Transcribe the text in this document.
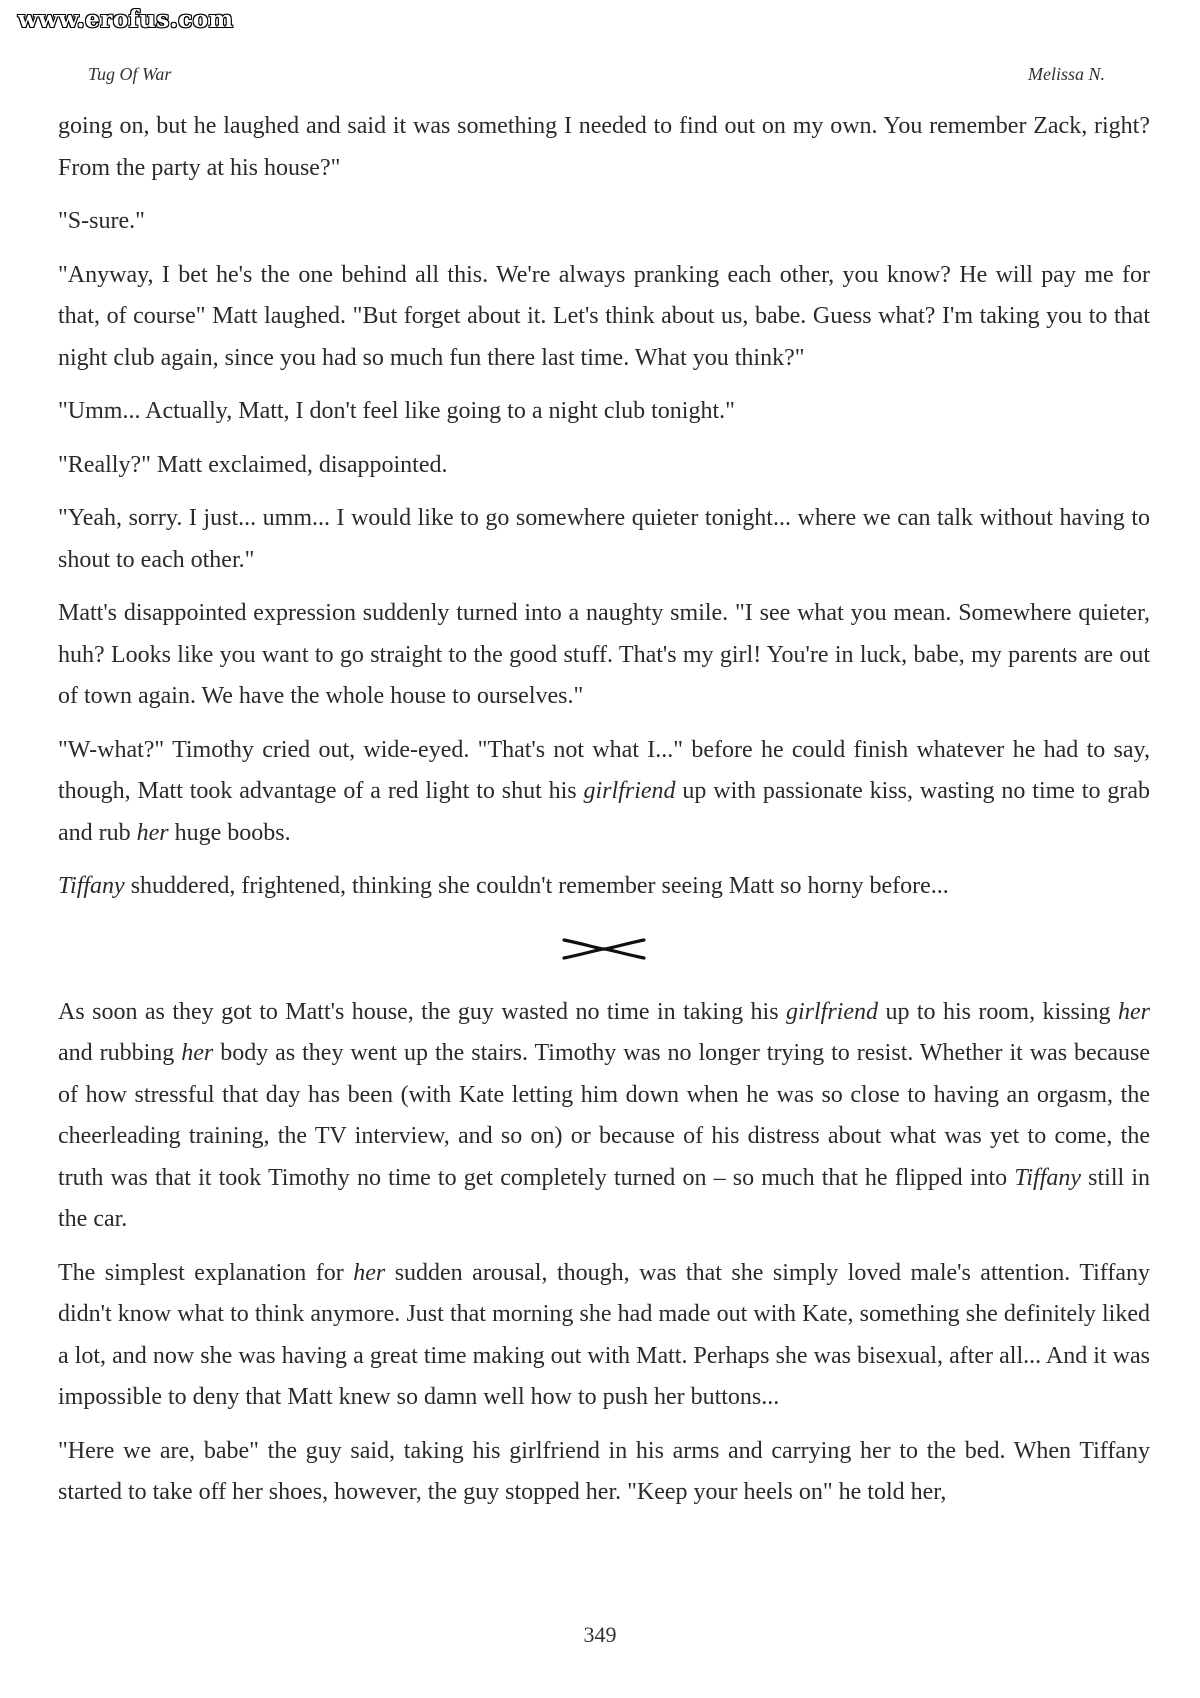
www.erofus.com
Tug Of War	Melissa N.

going on, but he laughed and said it was something I needed to find out on my own. You remember Zack, right? From the party at his house?"

"S-sure."

"Anyway, I bet he's the one behind all this. We're always pranking each other, you know? He will pay me for that, of course" Matt laughed. "But forget about it. Let's think about us, babe. Guess what? I'm taking you to that night club again, since you had so much fun there last time. What you think?"

"Umm... Actually, Matt, I don't feel like going to a night club tonight."

"Really?" Matt exclaimed, disappointed.

"Yeah, sorry. I just... umm... I would like to go somewhere quieter tonight... where we can talk without having to shout to each other."

Matt's disappointed expression suddenly turned into a naughty smile. "I see what you mean. Somewhere quieter, huh? Looks like you want to go straight to the good stuff. That's my girl! You're in luck, babe, my parents are out of town again. We have the whole house to ourselves."

"W-what?" Timothy cried out, wide-eyed. "That's not what I..." before he could finish whatever he had to say, though, Matt took advantage of a red light to shut his girlfriend up with passionate kiss, wasting no time to grab and rub her huge boobs.

Tiffany shuddered, frightened, thinking she couldn't remember seeing Matt so horny before...

As soon as they got to Matt's house, the guy wasted no time in taking his girlfriend up to his room, kissing her and rubbing her body as they went up the stairs. Timothy was no longer trying to resist. Whether it was because of how stressful that day has been (with Kate letting him down when he was so close to having an orgasm, the cheerleading training, the TV interview, and so on) or because of his distress about what was yet to come, the truth was that it took Timothy no time to get completely turned on – so much that he flipped into Tiffany still in the car.

The simplest explanation for her sudden arousal, though, was that she simply loved male's attention. Tiffany didn't know what to think anymore. Just that morning she had made out with Kate, something she definitely liked a lot, and now she was having a great time making out with Matt. Perhaps she was bisexual, after all... And it was impossible to deny that Matt knew so damn well how to push her buttons...

"Here we are, babe" the guy said, taking his girlfriend in his arms and carrying her to the bed. When Tiffany started to take off her shoes, however, the guy stopped her. "Keep your heels on" he told her,

349
